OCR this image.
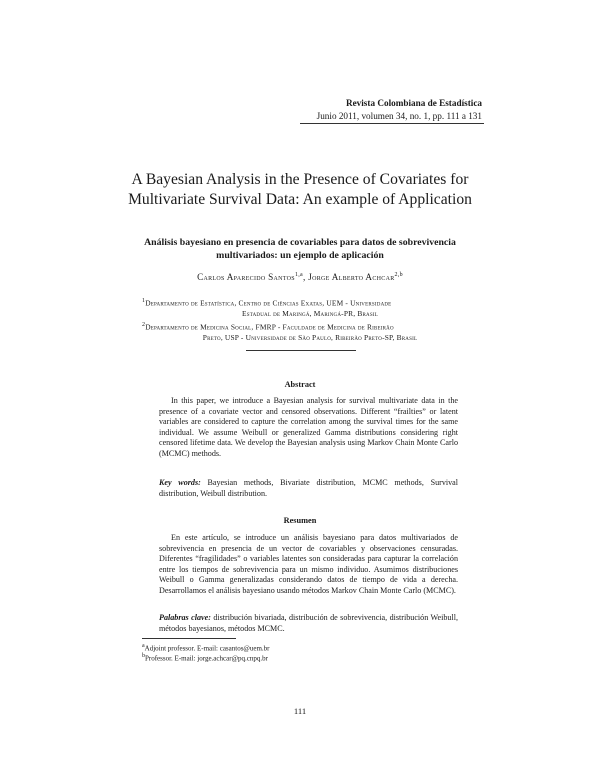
Revista Colombiana de Estadística
Junio 2011, volumen 34, no. 1, pp. 111 a 131
A Bayesian Analysis in the Presence of Covariates for Multivariate Survival Data: An example of Application
Análisis bayesiano en presencia de covariables para datos de sobrevivencia multivariados: un ejemplo de aplicación
Carlos Aparecido Santos$^{1,a}$, Jorge Alberto Achcar$^{2,b}$
$^1$Departamento de Estatística, Centro de Ciências Exatas, UEM - Universidade
Estadual de Maringá, Maringá-PR, Brasil
$^2$Departamento de Medicina Social, FMRP - Faculdade de Medicina de Ribeirão
Preto, USP - Universidade de São Paulo, Ribeirão Preto-SP, Brasil
Abstract

In this paper, we introduce a Bayesian analysis for survival multivariate data in the presence of a covariate vector and censored observations. Different “frailties” or latent variables are considered to capture the correlation among the survival times for the same individual. We assume Weibull or generalized Gamma distributions considering right censored lifetime data. We develop the Bayesian analysis using Markov Chain Monte Carlo (MCMC) methods.

Key words: Bayesian methods, Bivariate distribution, MCMC methods, Survival distribution, Weibull distribution.

Resumen

En este artículo, se introduce un análisis bayesiano para datos multivariados de sobrevivencia en presencia de un vector de covariables y observaciones censuradas. Diferentes “fragilidades” o variables latentes son consideradas para capturar la correlación entre los tiempos de sobrevivencia para un mismo individuo. Asumimos distribuciones Weibull o Gamma generalizadas considerando datos de tiempo de vida a derecha. Desarrollamos el análisis bayesiano usando métodos Markov Chain Monte Carlo (MCMC).

Palabras clave: distribución bivariada, distribución de sobrevivencia, distribución Weibull, métodos bayesianos, métodos MCMC.

aAdjoint professor. E-mail: casantos@uem.br
bProfessor. E-mail: jorge.achcar@pq.cnpq.br
111
